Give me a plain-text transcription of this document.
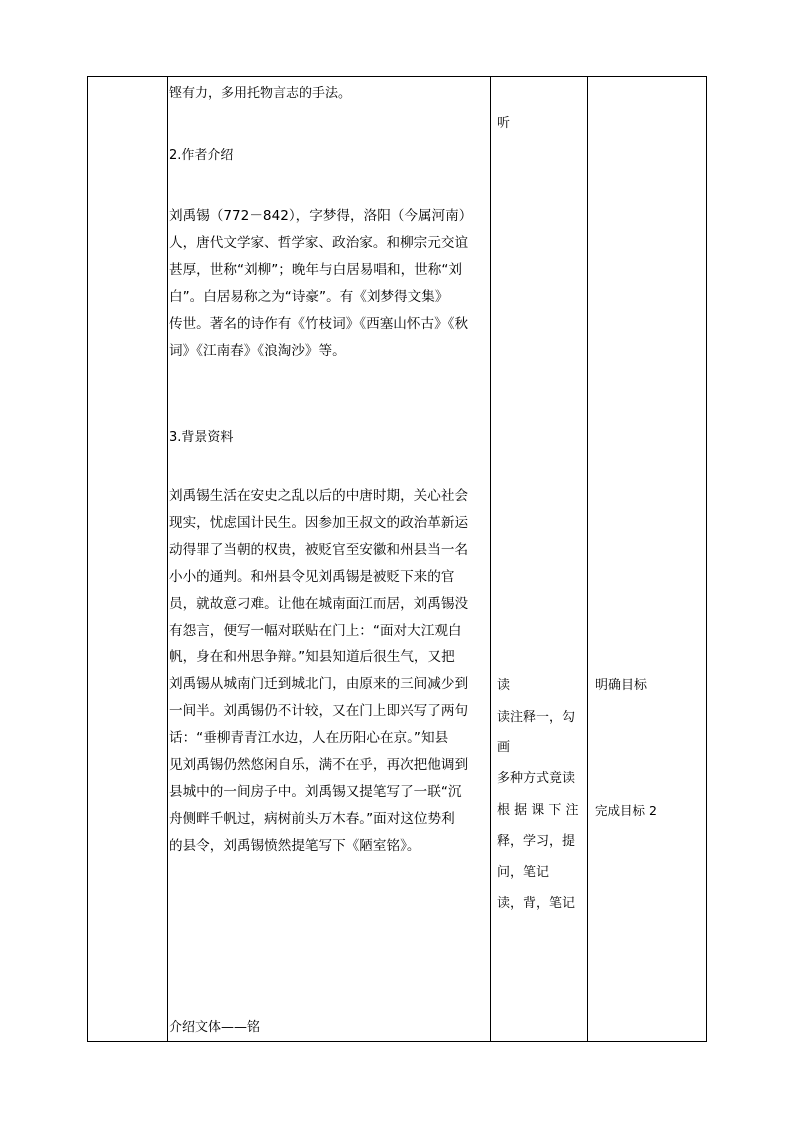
铿有力，多用托物言志的手法。
2.作者介绍
刘禹锡（772－842），字梦得，洛阳（今属河南）
人，唐代文学家、哲学家、政治家。和柳宗元交谊
甚厚，世称“刘柳”；晚年与白居易唱和，世称“刘
白”。白居易称之为“诗豪”。有《刘梦得文集》
传世。著名的诗作有《竹枝词》《西塞山怀古》《秋
词》《江南春》《浪淘沙》等。
3.背景资料
刘禹锡生活在安史之乱以后的中唐时期，关心社会
现实，忧虑国计民生。因参加王叔文的政治革新运
动得罪了当朝的权贵，被贬官至安徽和州县当一名
小小的通判。和州县令见刘禹锡是被贬下来的官
员，就故意刁难。让他在城南面江而居，刘禹锡没
有怨言，便写一幅对联贴在门上：“面对大江观白
帆，身在和州思争辩。”知县知道后很生气，又把
刘禹锡从城南门迁到城北门，由原来的三间减少到
一间半。刘禹锡仍不计较，又在门上即兴写了两句
话：“垂柳青青江水边，人在历阳心在京。”知县
见刘禹锡仍然悠闲自乐，满不在乎，再次把他调到
县城中的一间房子中。刘禹锡又提笔写了一联“沉
舟侧畔千帆过，病树前头万木春。”面对这位势利
的县令，刘禹锡愤然提笔写下《陋室铭》。
介绍文体——铭
听
读
读注释一，勾
画
多种方式竟读
根 据 课 下 注
释，学习，提
问，笔记
读，背，笔记
明确目标
完成目标 2
